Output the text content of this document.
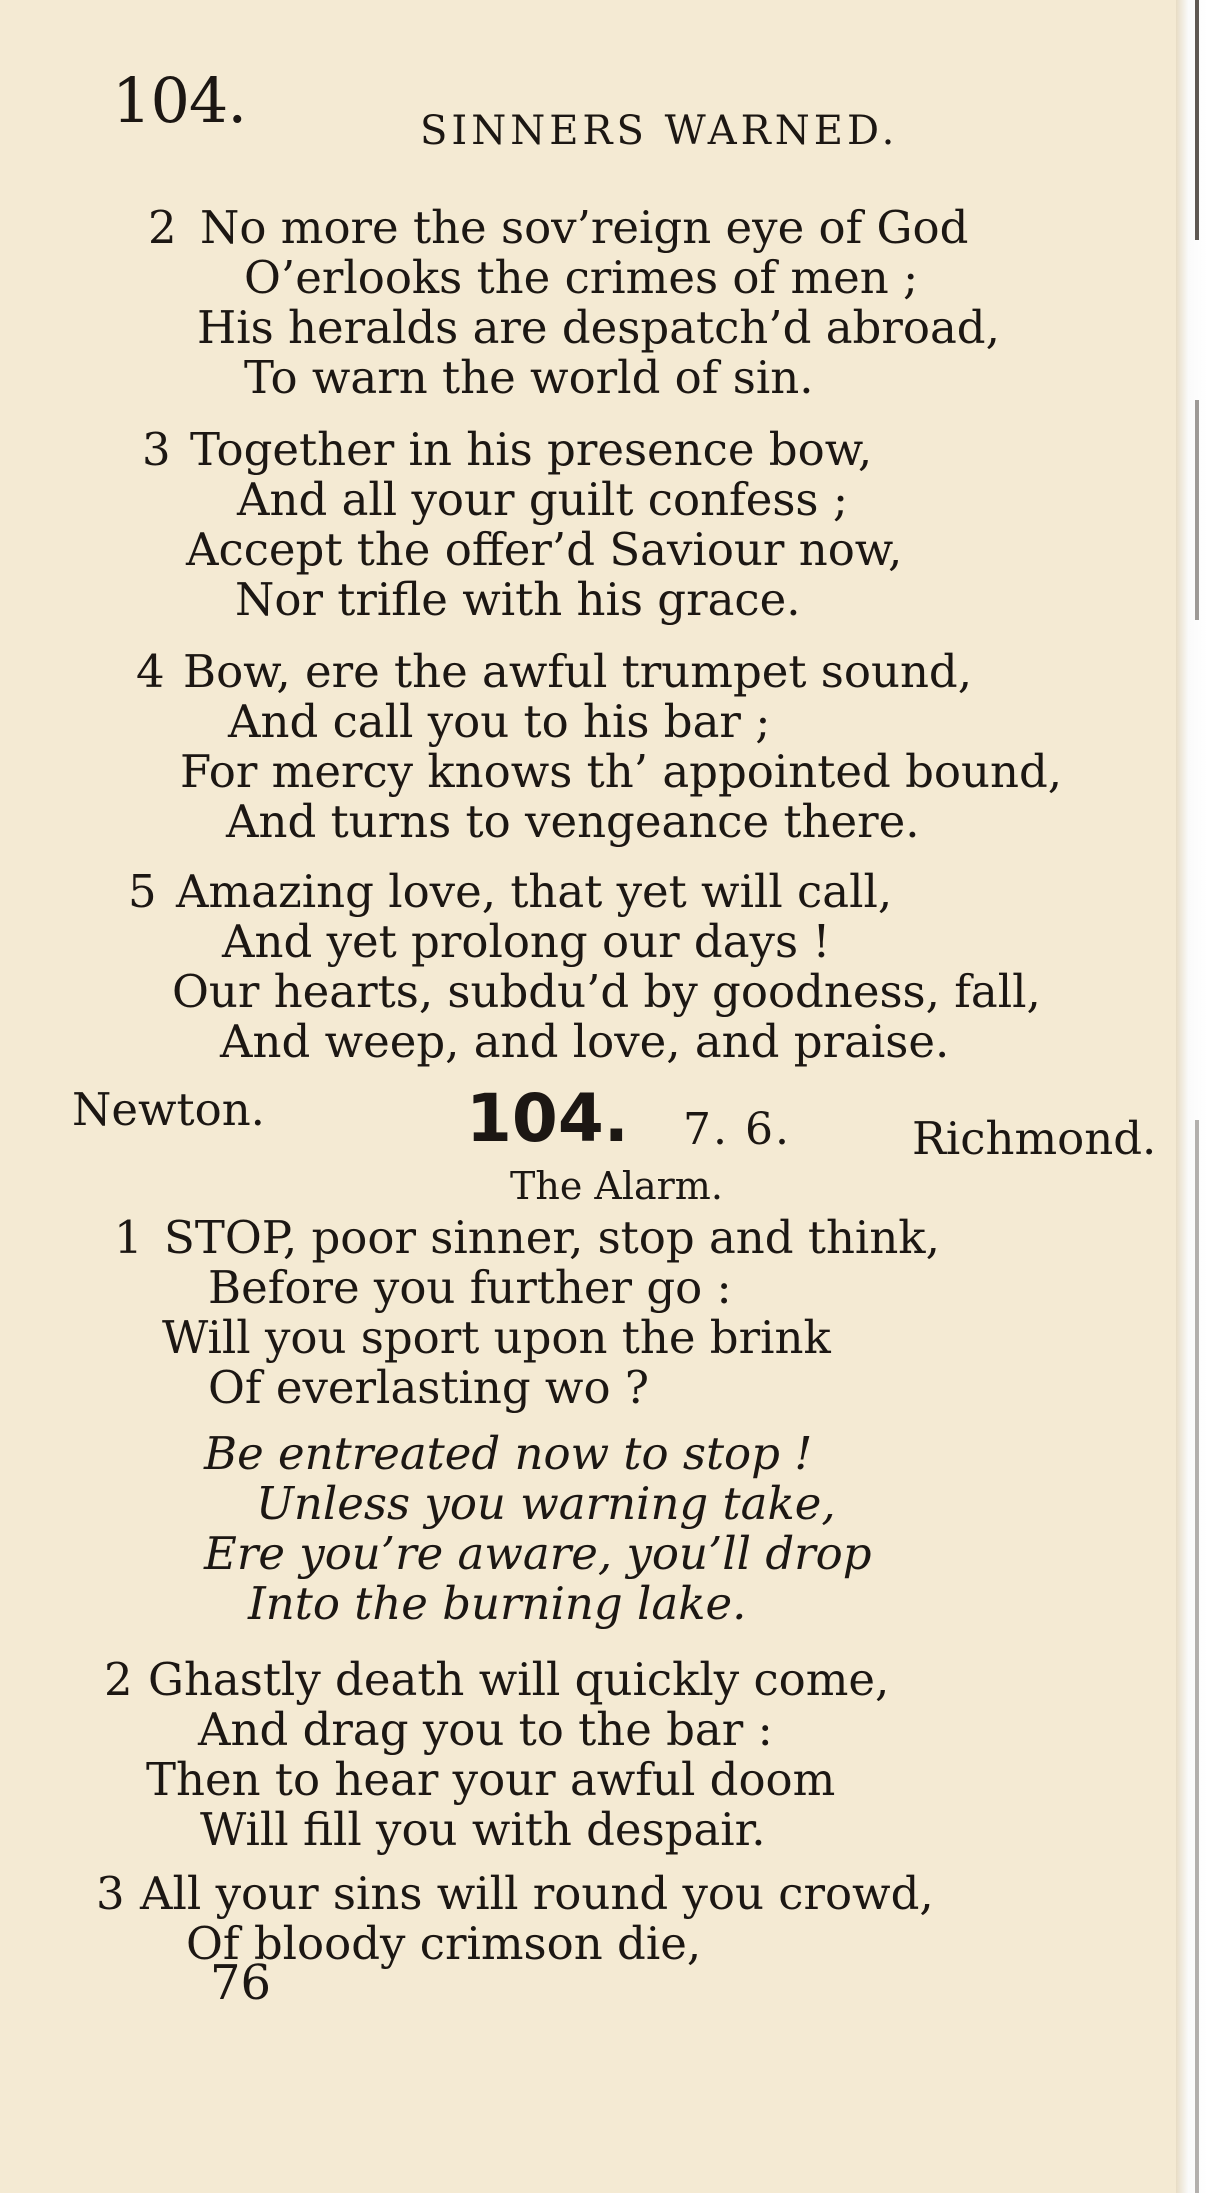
104.	SINNERS WARNED.
2 No more the sov’reign eye of God
O’erlooks the crimes of men ;
His heralds are despatch’d abroad,
To warn the world of sin.
3 Together in his presence bow,
And all your guilt confess ;
Accept the offer’d Saviour now,
Nor trifle with his grace.
4 Bow, ere the awful trumpet sound,
And call you to his bar ;
For mercy knows th’ appointed bound,
And turns to vengeance there.
5 Amazing love, that yet will call,
And yet prolong our days !
Our hearts, subdu’d by goodness, fall,
And weep, and love, and praise.
Newton.	104. 7. 6.	Richmond.
The Alarm.
1 STOP, poor sinner, stop and think,
Before you further go :
Will you sport upon the brink
Of everlasting wo ?
Be entreated now to stop !
Unless you warning take,
Ere you’re aware, you’ll drop
Into the burning lake.
2 Ghastly death will quickly come,
And drag you to the bar :
Then to hear your awful doom
Will fill you with despair.
3 All your sins will round you crowd,
Of bloody crimson die,
76
